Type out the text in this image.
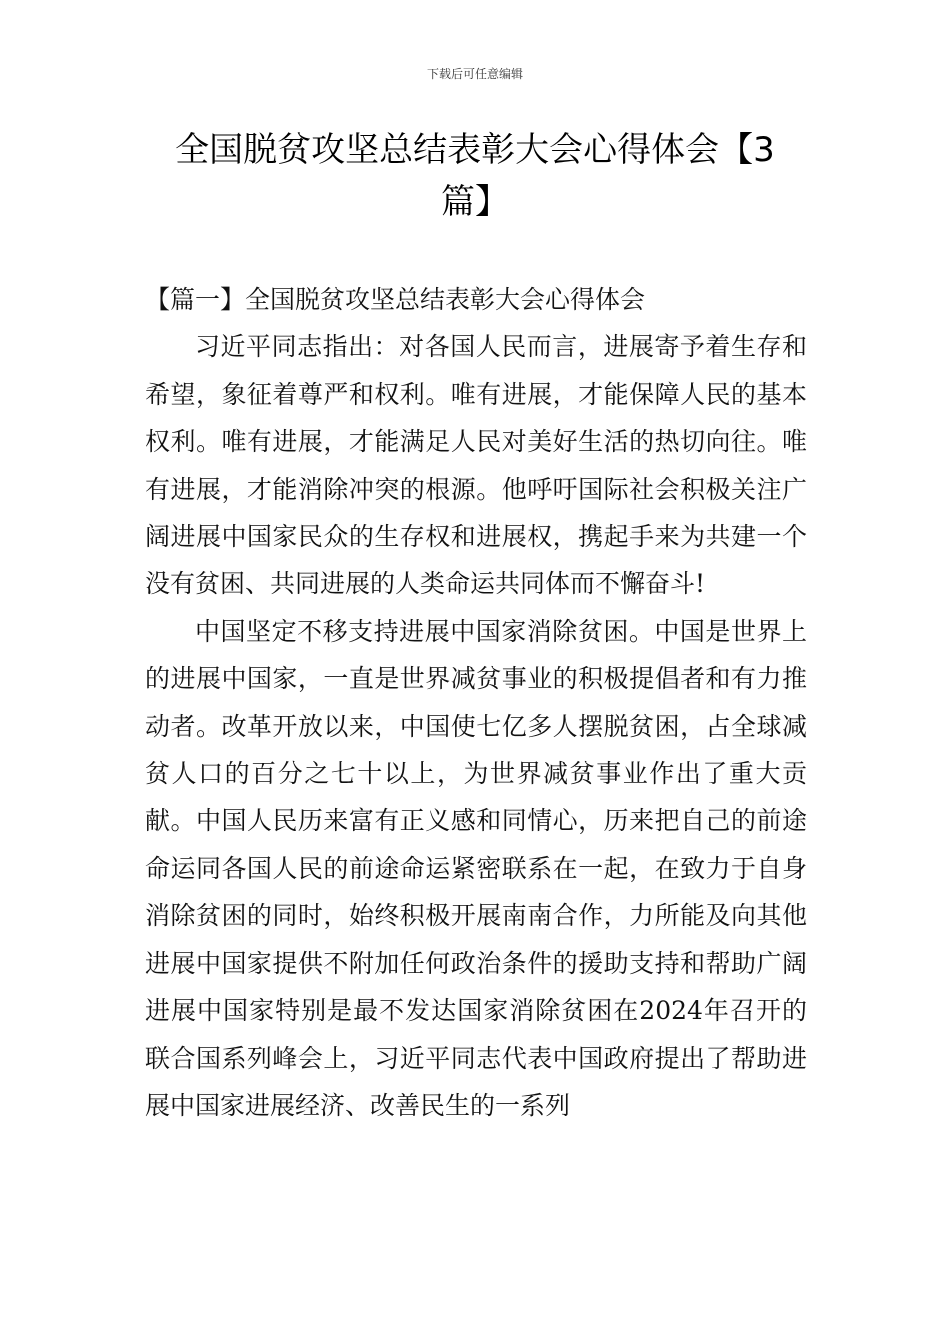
下载后可任意编辑
全国脱贫攻坚总结表彰大会心得体会【3篇】

【篇一】全国脱贫攻坚总结表彰大会心得体会

习近平同志指出：对各国人民而言，进展寄予着生存和希望，象征着尊严和权利。唯有进展，才能保障人民的基本权利。唯有进展，才能满足人民对美好生活的热切向往。唯有进展，才能消除冲突的根源。他呼吁国际社会积极关注广阔进展中国家民众的生存权和进展权，携起手来为共建一个没有贫困、共同进展的人类命运共同体而不懈奋斗!

中国坚定不移支持进展中国家消除贫困。中国是世界上的进展中国家，一直是世界减贫事业的积极提倡者和有力推动者。改革开放以来，中国使七亿多人摆脱贫困，占全球减贫人口的百分之七十以上，为世界减贫事业作出了重大贡献。中国人民历来富有正义感和同情心，历来把自己的前途命运同各国人民的前途命运紧密联系在一起，在致力于自身消除贫困的同时，始终积极开展南南合作，力所能及向其他进展中国家提供不附加任何政治条件的援助支持和帮助广阔进展中国家特别是最不发达国家消除贫困在2024年召开的联合国系列峰会上，习近平同志代表中国政府提出了帮助进展中国家进展经济、改善民生的一系列
